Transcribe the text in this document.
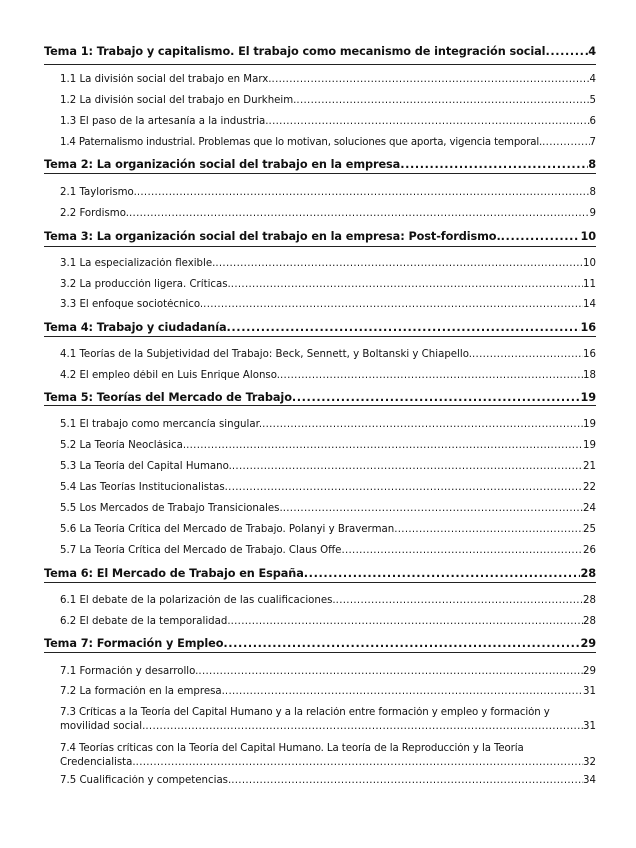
Tema 1: Trabajo y capitalismo. El trabajo como mecanismo de integración social .....	4
1.1 La división social del trabajo en Marx. .....	4
1.2 La división social del trabajo en Durkheim. .....	5
1.3 El paso de la artesanía a la industria. .....	6
1.4 Paternalismo industrial. Problemas que lo motivan, soluciones que aporta, vigencia temporal. .....	7
Tema 2: La organización social del trabajo en la empresa .....	8
2.1 Taylorismo. .....	8
2.2 Fordismo. .....	9
Tema 3: La organización social del trabajo en la empresa: Post-fordismo. .....	10
3.1 La especialización flexible. .....	10
3.2 La producción ligera. Críticas. .....	11
3.3 El enfoque sociotécnico. .....	14
Tema 4: Trabajo y ciudadanía .....	16
4.1 Teorías de la Subjetividad del Trabajo: Beck, Sennett, y Boltanski y Chiapello. .....	16
4.2 El empleo débil en Luis Enrique Alonso. .....	18
Tema 5: Teorías del Mercado de Trabajo .....	19
5.1 El trabajo como mercancía singular. .....	19
5.2 La Teoría Neoclásica. .....	19
5.3 La Teoría del Capital Humano. .....	21
5.4 Las Teorías Institucionalistas .....	22
5.5 Los Mercados de Trabajo Transicionales. .....	24
5.6 La Teoría Crítica del Mercado de Trabajo. Polanyi y Braverman .....	25
5.7 La Teoría Crítica del Mercado de Trabajo. Claus Offe .....	26
Tema 6: El Mercado de Trabajo en España .....	28
6.1 El debate de la polarización de las cualificaciones. .....	28
6.2 El debate de la temporalidad. .....	28
Tema 7: Formación y Empleo .....	29
7.1 Formación y desarrollo. .....	29
7.2 La formación en la empresa. .....	31
7.3 Críticas a la Teoría del Capital Humano y a la relación entre formación y empleo y formación y
movilidad social. .....	31
7.4 Teorías críticas con la Teoría del Capital Humano. La teoría de la Reproducción y la Teoría
Credencialista. .....	32
7.5 Cualificación y competencias. .....	34
